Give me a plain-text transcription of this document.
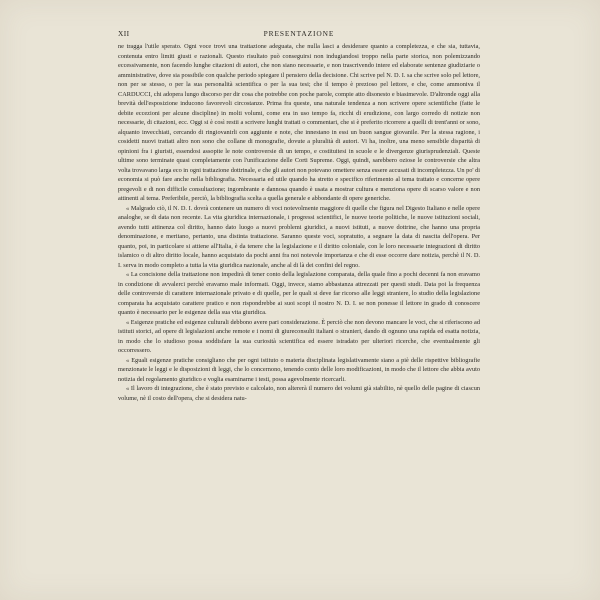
XII	PRESENTAZIONE

ne tragga l'utile sperato. Ogni voce trovi una trattazione adeguata, che nulla lasci a desiderare quanto a completezza, e che sia, tuttavia, contenuta entro limiti giusti e razionali. Questo risultato può conseguirsi non indugiandosi troppo nella parte storica, non polemizzando eccessivamente, non facendo lunghe citazioni di autori, che non siano necessarie, e non trascrivendo intere ed elaborate sentenze giudiziarie o amministrative, dove sia possibile con qualche periodo spiegare il pensiero della decisione. Chi scrive pel N. D. I. sa che scrive solo pel lettore, non per se stesso, o per la sua personalità scientifica o per la sua tesi; che il tempo è prezioso pel lettore, e che, come ammoniva il CARDUCCI, chi adopera lungo discorso per dir cosa che potrebbe con poche parole, compie atto disonesto e biasimevole. D'altronde oggi alla brevità dell'esposizione inducono favorevoli circostanze. Prima fra queste, una naturale tendenza a non scrivere opere scientifiche (fatte le debite eccezioni per alcune discipline) in molti volumi, come era in uso tempo fa, ricchi di erudizione, con largo corredo di notizie non necessarie, di citazioni, ecc. Oggi si è così restii a scrivere lunghi trattati o commentari, che si è preferito ricorrere a quelli di trent'anni or sono, alquanto invecchiati, cercando di ringiovanirli con aggiunte e note, che innestano in essi un buon sangue giovanile. Per la stessa ragione, i cosidetti nuovi trattati altro non sono che collane di monografie, dovute a pluralità di autori. Vi ha, inoltre, una meno sensibile disparità di opinioni fra i giuristi, essendosi assopite le note controversie di un tempo, e costituitesi in scuole e le divergenze giurisprudenziali. Queste ultime sono terminate quasi completamente con l'unificazione delle Corti Supreme. Oggi, quindi, sarebbero oziose le controversie che altra volta trovavano larga eco in ogni trattazione dottrinale, e che gli autori non potevano omettere senza essere accusati di incompletezza. Un po' di economia si può fare anche nella bibliografia. Necessaria ed utile quando ha stretto e specifico riferimento al tema trattato e concerne opere pregevoli e di non difficile consultazione; ingombrante e dannosa quando è usata a mostrar cultura e menziona opere di scarso valore e non attinenti al tema. Preferibile, perciò, la bibliografia scelta a quella generale e abbondante di opere generiche.

« Malgrado ciò, il N. D. I. dovrà contenere un numero di voci notevolmente maggiore di quelle che figura nel Digesto Italiano e nelle opere analoghe, se di data non recente. La vita giuridica internazionale, i progressi scientifici, le nuove teorie politiche, le nuove istituzioni sociali, avendo tutti attinenza col diritto, hanno dato luogo a nuovi problemi giuridici, a nuovi istituti, a nuove dottrine, che hanno una propria denominazione, e meritano, pertanto, una distinta trattazione. Saranno queste voci, sopratutto, a segnare la data di nascita dell'opera. Per quanto, poi, in particolare si attiene all'Italia, è da tenere che la legislazione e il diritto coloniale, con le loro necessarie integrazioni di diritto islamico o di altro diritto locale, hanno acquistato da pochi anni fra noi notevole importanza e che di esse occorre dare notizia, perchè il N. D. I. serva in modo completo a tutta la vita giuridica nazionale, anche al di là dei confini del regno.

« La concisione della trattazione non impedirà di tener conto della legislazione comparata, della quale fino a pochi decenni fa non eravamo in condizione di avvalerci perchè eravamo male informati. Oggi, invece, siamo abbastanza attrezzati per questi studi. Data poi la frequenza delle controversie di carattere internazionale privato e di quelle, per le quali si deve far ricorso alle leggi straniere, lo studio della legislazione comparata ha acquistato carattere pratico e non rispondrebbe ai suoi scopi il nostro N. D. I. se non ponesse il lettore in grado di conoscere quanto è necessario per le esigenze della sua vita giuridica.

« Esigenze pratiche ed esigenze culturali debbono avere pari considerazione. È perciò che non devono mancare le voci, che si riferiscono ad istituti storici, ad opere di legislazioni anche remote e i nomi di giureconsulti italiani o stranieri, dando di ognuno una rapida ed esatta notizia, in modo che lo studioso possa soddisfare la sua curiosità scientifica ed essere istradato per ulteriori ricerche, che eventualmente gli occorressero.

« Eguali esigenze pratiche consigliano che per ogni istituto o materia disciplinata legislativamente siano a piè delle rispettive bibliografie menzionate le leggi e le disposizioni di leggi, che lo concernono, tenendo conto delle loro modificazioni, in modo che il lettore che abbia avuto notizia del regolamento giuridico e voglia esaminarne i testi, possa agevolmente ricercarli.

« Il lavoro di integrazione, che è stato previsto e calcolato, non altererà il numero dei volumi già stabilito, nè quello delle pagine di ciascun volume, nè il costo dell'opera, che si desidera natu-
